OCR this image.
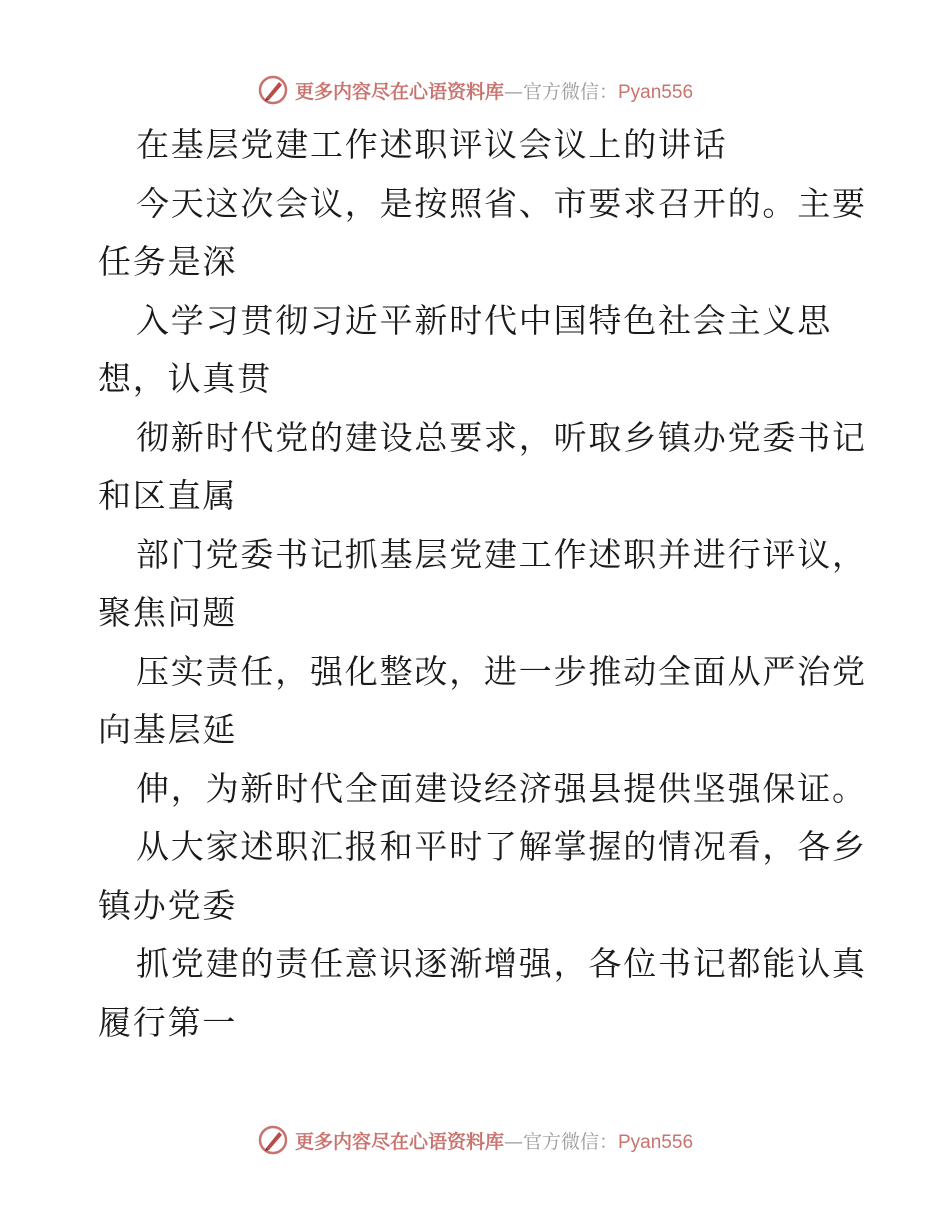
更多内容尽在心语资料库—官方微信：Pyan556
在基层党建工作述职评议会议上的讲话
今天这次会议，是按照省、市要求召开的。主要
任务是深
入学习贯彻习近平新时代中国特色社会主义思
想，认真贯
彻新时代党的建设总要求，听取乡镇办党委书记
和区直属
部门党委书记抓基层党建工作述职并进行评议，
聚焦问题
压实责任，强化整改，进一步推动全面从严治党
向基层延
伸，为新时代全面建设经济强县提供坚强保证。
从大家述职汇报和平时了解掌握的情况看，各乡
镇办党委
抓党建的责任意识逐渐增强，各位书记都能认真
履行第一
更多内容尽在心语资料库—官方微信：Pyan556
